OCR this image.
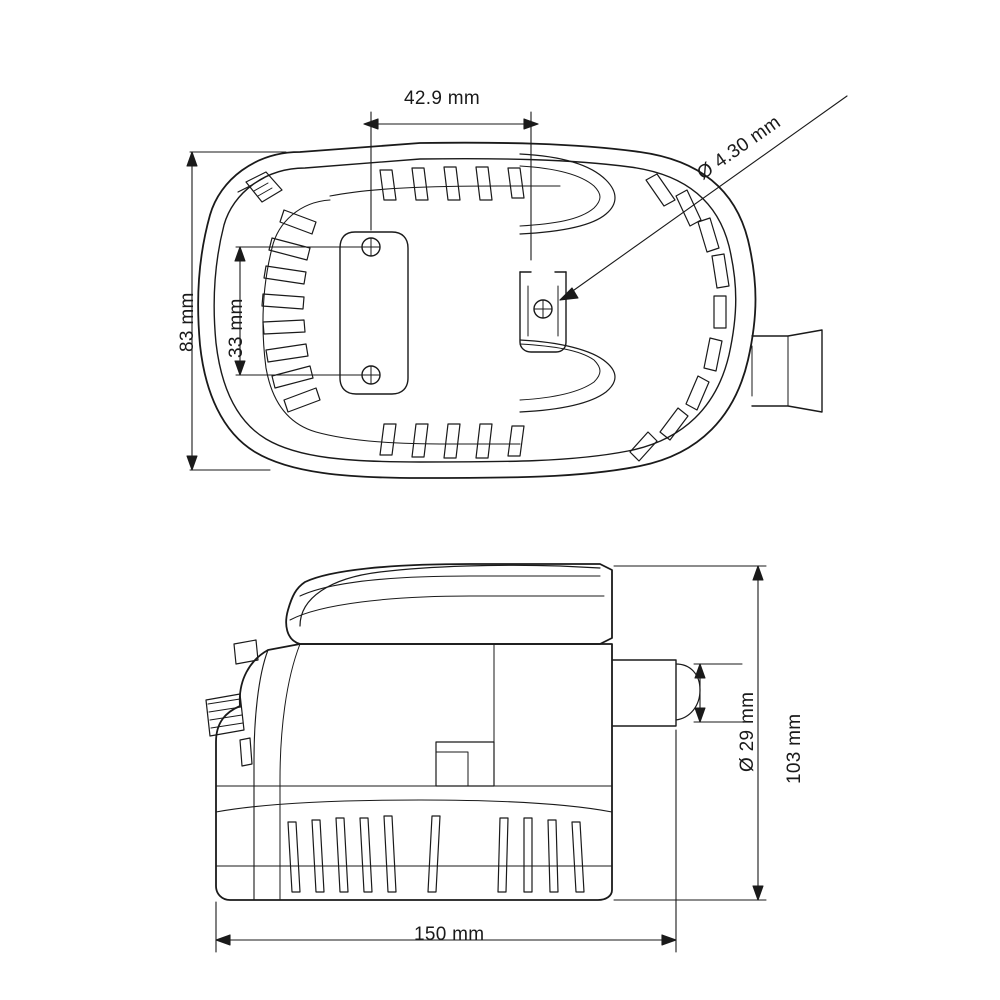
42.9 mm
83 mm 33 mm
Ø 4.30 mm
Ø 29 mm 103 mm
150 mm
